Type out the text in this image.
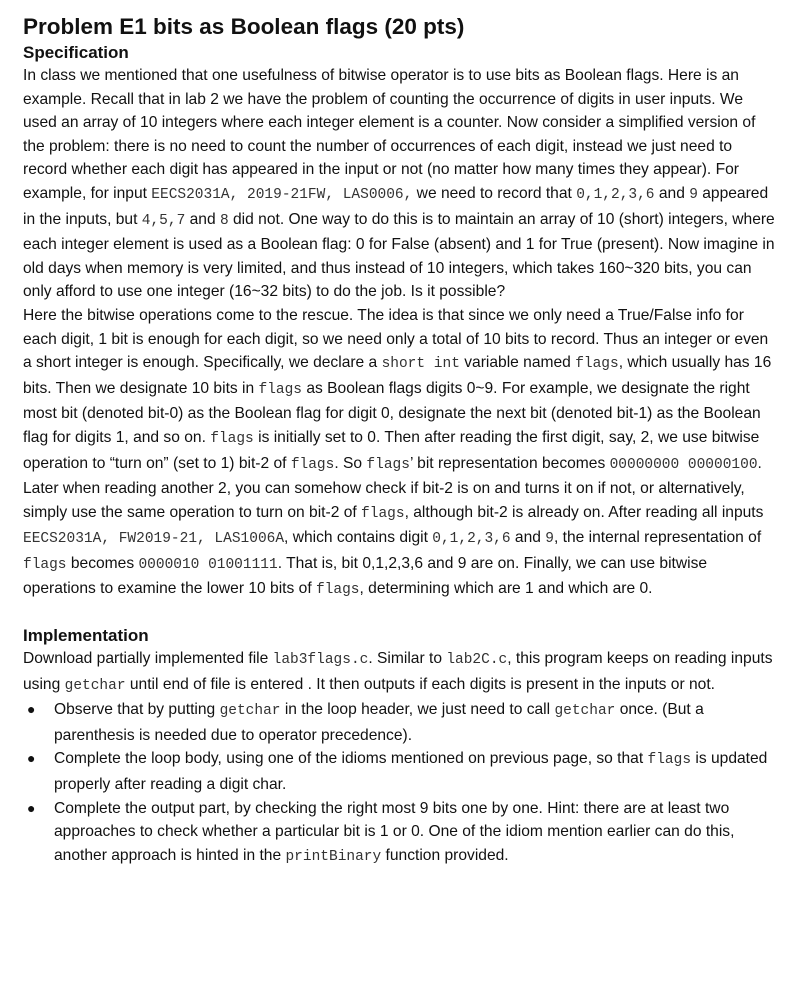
Problem E1 bits as Boolean flags (20 pts)
Specification

In class we mentioned that one usefulness of bitwise operator is to use bits as Boolean flags. Here is an example. Recall that in lab 2 we have the problem of counting the occurrence of digits in user inputs. We used an array of 10 integers where each integer element is a counter. Now consider a simplified version of the problem: there is no need to count the number of occurrences of each digit, instead we just need to record whether each digit has appeared in the input or not (no matter how many times they appear). For example, for input EECS2031A, 2019-21FW, LAS0006, we need to record that 0,1,2,3,6 and 9 appeared in the inputs, but 4,5,7 and 8 did not. One way to do this is to maintain an array of 10 (short) integers, where each integer element is used as a Boolean flag: 0 for False (absent) and 1 for True (present). Now imagine in old days when memory is very limited, and thus instead of 10 integers, which takes 160~320 bits, you can only afford to use one integer (16~32 bits) to do the job. Is it possible?

Here the bitwise operations come to the rescue. The idea is that since we only need a True/False info for each digit, 1 bit is enough for each digit, so we need only a total of 10 bits to record. Thus an integer or even a short integer is enough. Specifically, we declare a short int variable named flags, which usually has 16 bits. Then we designate 10 bits in flags as Boolean flags digits 0~9. For example, we designate the right most bit (denoted bit-0) as the Boolean flag for digit 0, designate the next bit (denoted bit-1) as the Boolean flag for digits 1, and so on. flags is initially set to 0. Then after reading the first digit, say, 2, we use bitwise operation to “turn on” (set to 1) bit-2 of flags. So flags’ bit representation becomes 00000000 00000100. Later when reading another 2, you can somehow check if bit-2 is on and turns it on if not, or alternatively, simply use the same operation to turn on bit-2 of flags, although bit-2 is already on. After reading all inputs EECS2031A, FW2019-21, LAS1006A, which contains digit 0,1,2,3,6 and 9, the internal representation of flags becomes 0000010 01001111. That is, bit 0,1,2,3,6 and 9 are on. Finally, we can use bitwise operations to examine the lower 10 bits of flags, determining which are 1 and which are 0.

Implementation

Download partially implemented file lab3flags.c. Similar to lab2C.c, this program keeps on reading inputs using getchar until end of file is entered . It then outputs if each digits is present in the inputs or not.

● Observe that by putting getchar in the loop header, we just need to call getchar once. (But a parenthesis is needed due to operator precedence).
● Complete the loop body, using one of the idioms mentioned on previous page, so that flags is updated properly after reading a digit char.
● Complete the output part, by checking the right most 9 bits one by one. Hint: there are at least two approaches to check whether a particular bit is 1 or 0. One of the idiom mention earlier can do this, another approach is hinted in the printBinary function provided.
